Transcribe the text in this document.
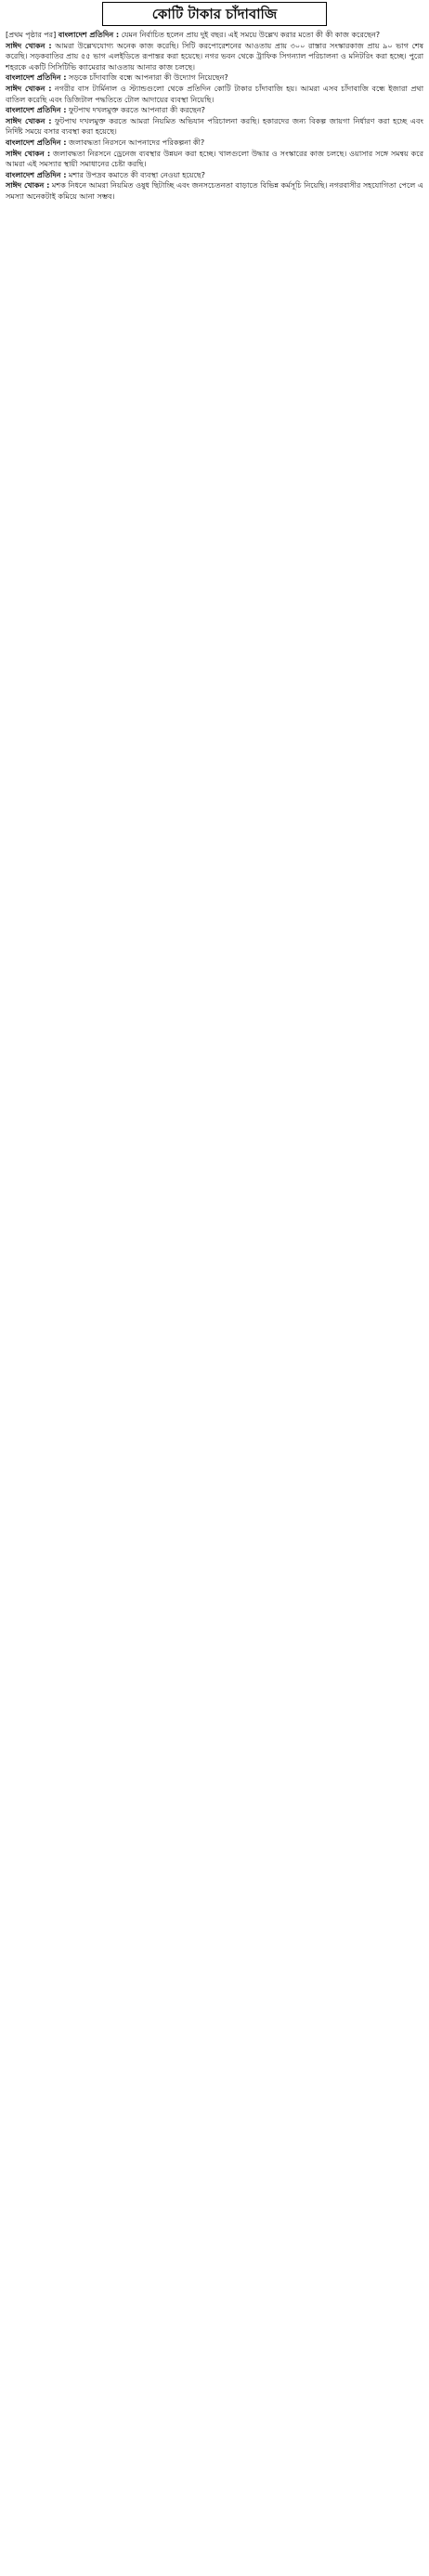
কোটি টাকার চাঁদাবাজি

[প্রথম পৃষ্ঠার পর] বাংলাদেশ প্রতিদিন : যেমন নির্বাচিত হলেন প্রায় দুই বছর। এই সময়ে উল্লেখ করার মতো কী কী কাজ করেছেন?

সাঈদ খোকন : আমরা উল্লেখযোগ্য অনেক কাজ করেছি। সিটি করপোরেশনের আওতায় প্রায় ৩০০ রাস্তার সংস্কারকাজ প্রায় ৯০ ভাগ শেষ করেছি। সড়কবাতির প্রায় ৫৫ ভাগ এলইডিতে রূপান্তর করা হয়েছে। নগর ভবন থেকে ট্রাফিক সিগন্যাল পরিচালনা ও মনিটরিং করা হচ্ছে। পুরো শহরকে একটি সিসিটিভি ক্যামেরার আওতায় আনার কাজ চলছে।

বাংলাদেশ প্রতিদিন : সড়কে চাঁদাবাজি বন্ধে আপনারা কী উদ্যোগ নিয়েছেন?

সাঈদ খোকন : নগরীর বাস টার্মিনাল ও স্ট্যান্ডগুলো থেকে প্রতিদিন কোটি টাকার চাঁদাবাজি হয়। আমরা এসব চাঁদাবাজি বন্ধে ইজারা প্রথা বাতিল করেছি এবং ডিজিটাল পদ্ধতিতে টোল আদায়ের ব্যবস্থা নিয়েছি।

বাংলাদেশ প্রতিদিন : ফুটপাথ দখলমুক্ত করতে আপনারা কী করছেন?

সাঈদ খোকন : ফুটপাথ দখলমুক্ত করতে আমরা নিয়মিত অভিযান পরিচালনা করছি। হকারদের জন্য বিকল্প জায়গা নির্ধারণ করা হচ্ছে এবং নির্দিষ্ট সময়ে বসার ব্যবস্থা করা হয়েছে।

বাংলাদেশ প্রতিদিন : জলাবদ্ধতা নিরসনে আপনাদের পরিকল্পনা কী?

সাঈদ খোকন : জলাবদ্ধতা নিরসনে ড্রেনেজ ব্যবস্থার উন্নয়ন করা হচ্ছে। খালগুলো উদ্ধার ও সংস্কারের কাজ চলছে। ওয়াসার সঙ্গে সমন্বয় করে আমরা এই সমস্যার স্থায়ী সমাধানের চেষ্টা করছি।

বাংলাদেশ প্রতিদিন : মশার উপদ্রব কমাতে কী ব্যবস্থা নেওয়া হয়েছে?

সাঈদ খোকন : মশক নিধনে আমরা নিয়মিত ওষুধ ছিটাচ্ছি এবং জনসচেতনতা বাড়াতে বিভিন্ন কর্মসূচি নিয়েছি। নগরবাসীর সহযোগিতা পেলে এ সমস্যা অনেকটাই কমিয়ে আনা সম্ভব।
